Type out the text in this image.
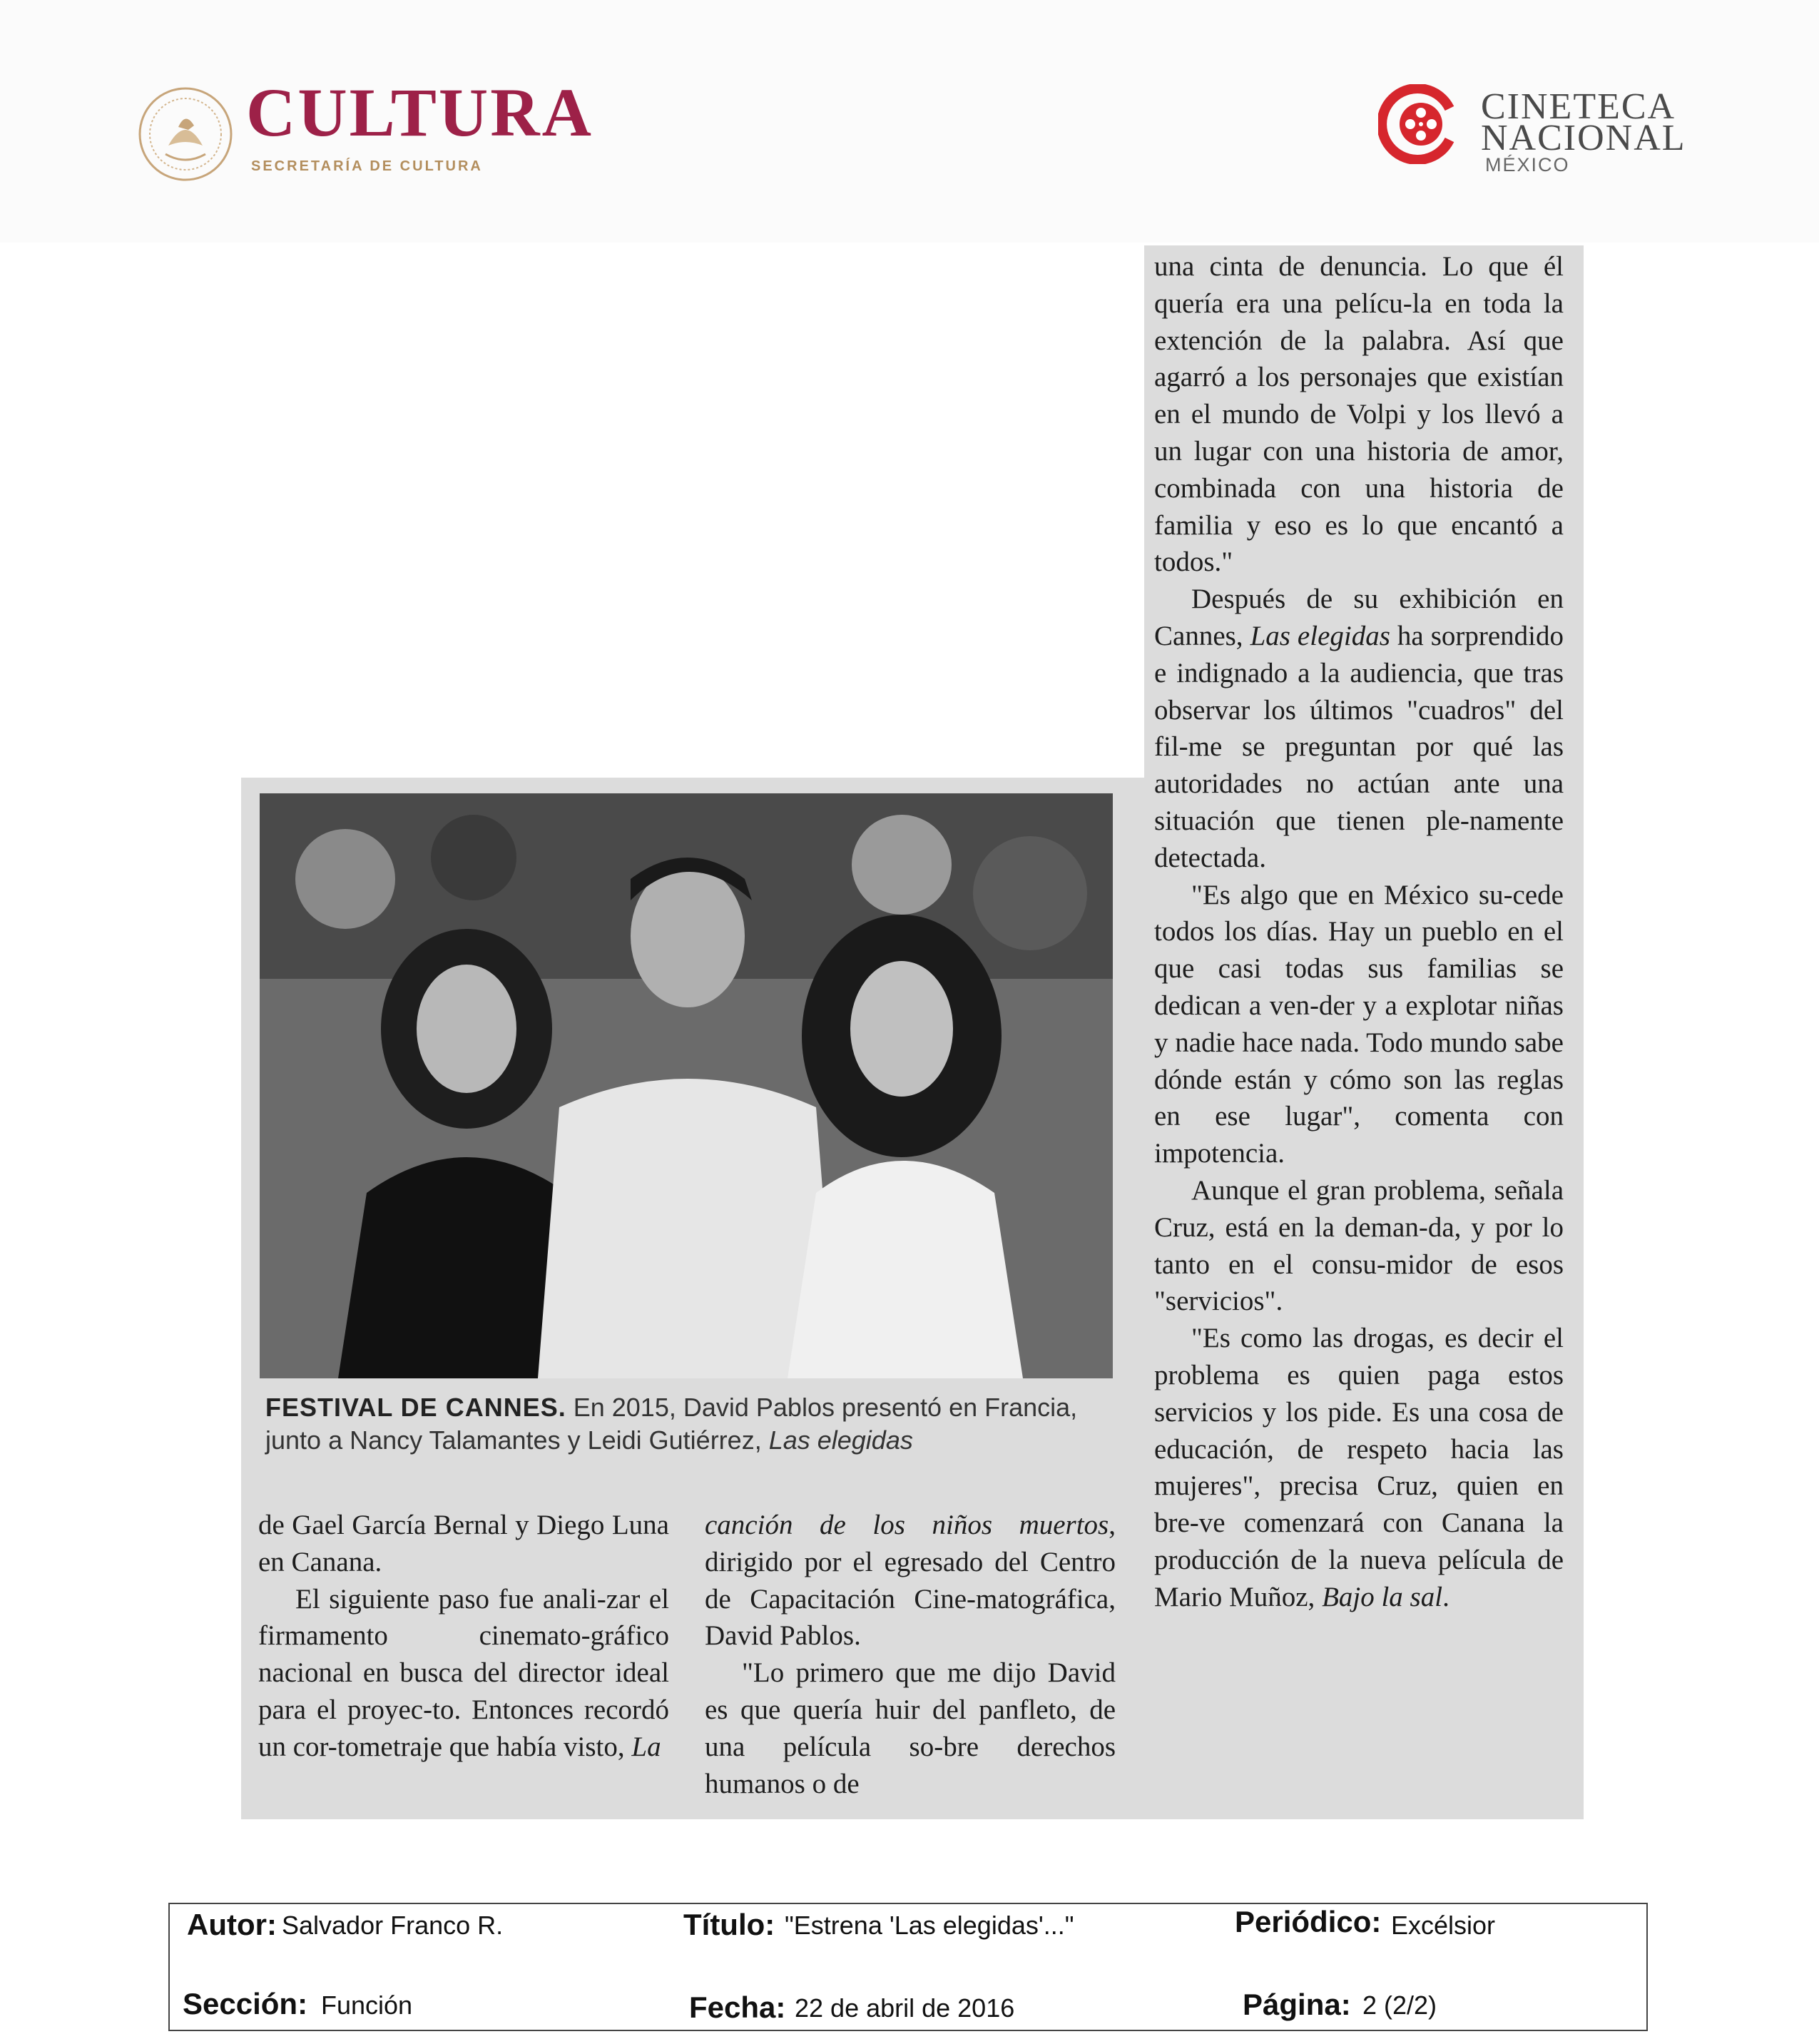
CULTURA
SECRETARÍA DE CULTURA
CINETECA
NACIONAL
MÉXICO

una cinta de denuncia. Lo que él quería era una pelícu-la en toda la extención de la palabra. Así que agarró a los personajes que existían en el mundo de Volpi y los llevó a un lugar con una historia de amor, combinada con una historia de familia y eso es lo que encantó a todos."

Después de su exhibición en Cannes, Las elegidas ha sorprendido e indignado a la audiencia, que tras observar los últimos "cuadros" del fil-me se preguntan por qué las autoridades no actúan ante una situación que tienen ple-namente detectada.

"Es algo que en México su-cede todos los días. Hay un pueblo en el que casi todas sus familias se dedican a ven-der y a explotar niñas y nadie hace nada. Todo mundo sabe dónde están y cómo son las reglas en ese lugar", comenta con impotencia.

Aunque el gran problema, señala Cruz, está en la deman-da, y por lo tanto en el consu-midor de esos "servicios".

"Es como las drogas, es decir el problema es quien paga estos servicios y los pide. Es una cosa de educación, de respeto hacia las mujeres", precisa Cruz, quien en bre-ve comenzará con Canana la producción de la nueva película de Mario Muñoz, Bajo la sal.

FESTIVAL DE CANNES. En 2015, David Pablos presentó en Francia, junto a Nancy Talamantes y Leidi Gutiérrez, Las elegidas

de Gael García Bernal y Diego Luna en Canana.

El siguiente paso fue anali-zar el firmamento cinemato-gráfico nacional en busca del director ideal para el proyec-to. Entonces recordó un cor-tometraje que había visto, La

canción de los niños muertos, dirigido por el egresado del Centro de Capacitación Cine-matográfica, David Pablos.

"Lo primero que me dijo David es que quería huir del panfleto, de una película so-bre derechos humanos o de

Autor: Salvador Franco R.	Título: "Estrena 'Las elegidas'..."	Periódico: Excélsior
Sección: Función	Fecha: 22 de abril de 2016	Página: 2 (2/2)
